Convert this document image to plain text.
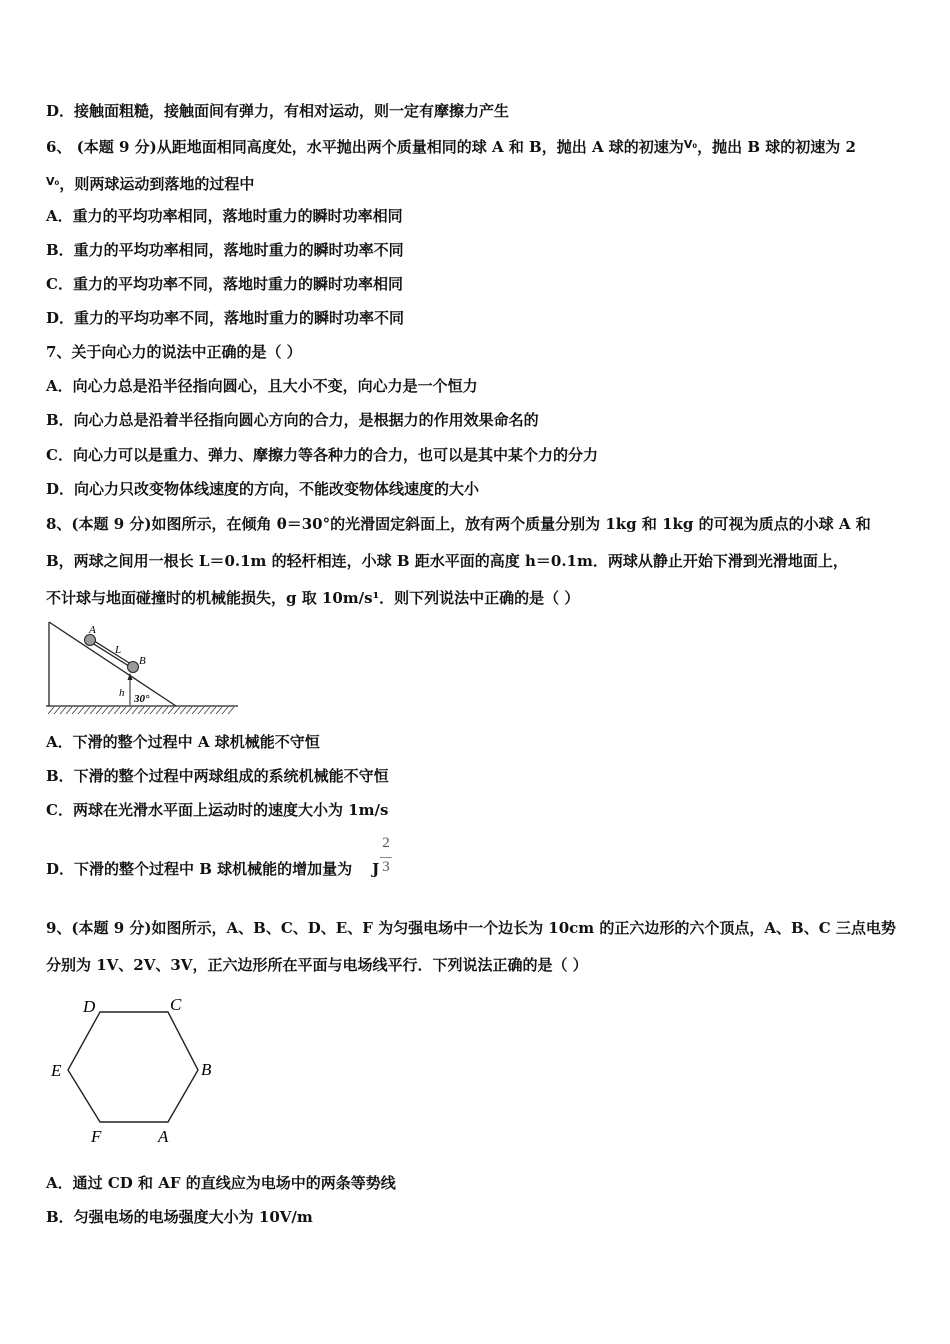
D．接触面粗糙，接触面间有弹力，有相对运动，则一定有摩擦力产生
6、 (本题 9 分)从距地面相同高度处，水平抛出两个质量相同的球 A 和 B，抛出 A 球的初速为$^{V_0}$，抛出 B 球的初速为 2
$^{V_0}$，则两球运动到落地的过程中
A．重力的平均功率相同，落地时重力的瞬时功率相同
B．重力的平均功率相同，落地时重力的瞬时功率不同
C．重力的平均功率不同，落地时重力的瞬时功率相同
D．重力的平均功率不同，落地时重力的瞬时功率不同
7、关于向心力的说法中正确的是（ ）
A．向心力总是沿半径指向圆心，且大小不变，向心力是一个恒力
B．向心力总是沿着半径指向圆心方向的合力，是根据力的作用效果命名的
C．向心力可以是重力、弹力、摩擦力等各种力的合力，也可以是其中某个力的分力
D．向心力只改变物体线速度的方向，不能改变物体线速度的大小
8、(本题 9 分)如图所示，在倾角 θ＝30°的光滑固定斜面上，放有两个质量分别为 1kg 和 1kg 的可视为质点的小球 A 和
B，两球之间用一根长 L＝0.1m 的轻杆相连，小球 B 距水平面的高度 h＝0.1m．两球从静止开始下滑到光滑地面上，
不计球与地面碰撞时的机械能损失，g 取 10m/s¹．则下列说法中正确的是（ ）
A
L
B
h 30°
A．下滑的整个过程中 A 球机械能不守恒
B．下滑的整个过程中两球组成的系统机械能不守恒
C．两球在光滑水平面上运动时的速度大小为 1m/s
D．下滑的整个过程中 B 球机械能的增加量为 J
2
3
9、(本题 9 分)如图所示，A、B、C、D、E、F 为匀强电场中一个边长为 10cm 的正六边形的六个顶点，A、B、C 三点电势
分别为 1V、2V、3V，正六边形所在平面与电场线平行．下列说法正确的是（ ）
D	C
E	B
F	A
A．通过 CD 和 AF 的直线应为电场中的两条等势线
B．匀强电场的电场强度大小为 10V/m
